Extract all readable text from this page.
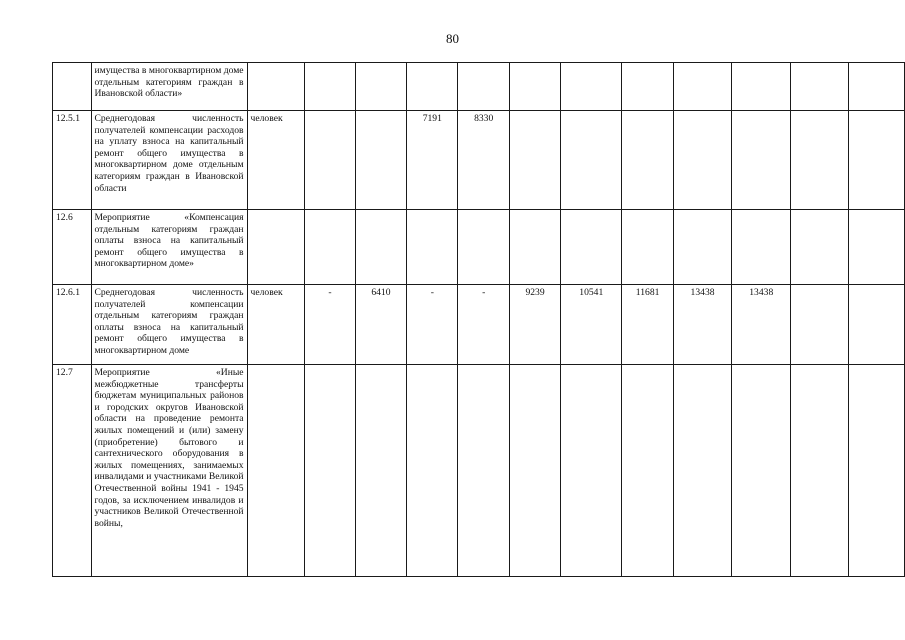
80
	имущества в многоквартирном доме отдельным категориям граждан в Ивановской области»												
12.5.1	Среднегодовая численность получателей компенсации расходов на уплату взноса на капитальный ремонт общего имущества в многоквартирном доме отдельным категориям граждан в Ивановской области	человек			7191	8330							
12.6	Мероприятие «Компенсация отдельным категориям граждан оплаты взноса на капитальный ремонт общего имущества в многоквартирном доме»												
12.6.1	Среднегодовая численность получателей компенсации отдельным категориям граждан оплаты взноса на капитальный ремонт общего имущества в многоквартирном доме	человек	-	6410	-	-	9239	10541	11681	13438	13438		
12.7	Мероприятие «Иные межбюджетные трансферты бюджетам муниципальных районов и городских округов Ивановской области на проведение ремонта жилых помещений и (или) замену (приобретение) бытового и сантехнического оборудования в жилых помещениях, занимаемых инвалидами и участниками Великой Отечественной войны 1941 - 1945 годов, за исключением инвалидов и участников Великой Отечественной войны,												
